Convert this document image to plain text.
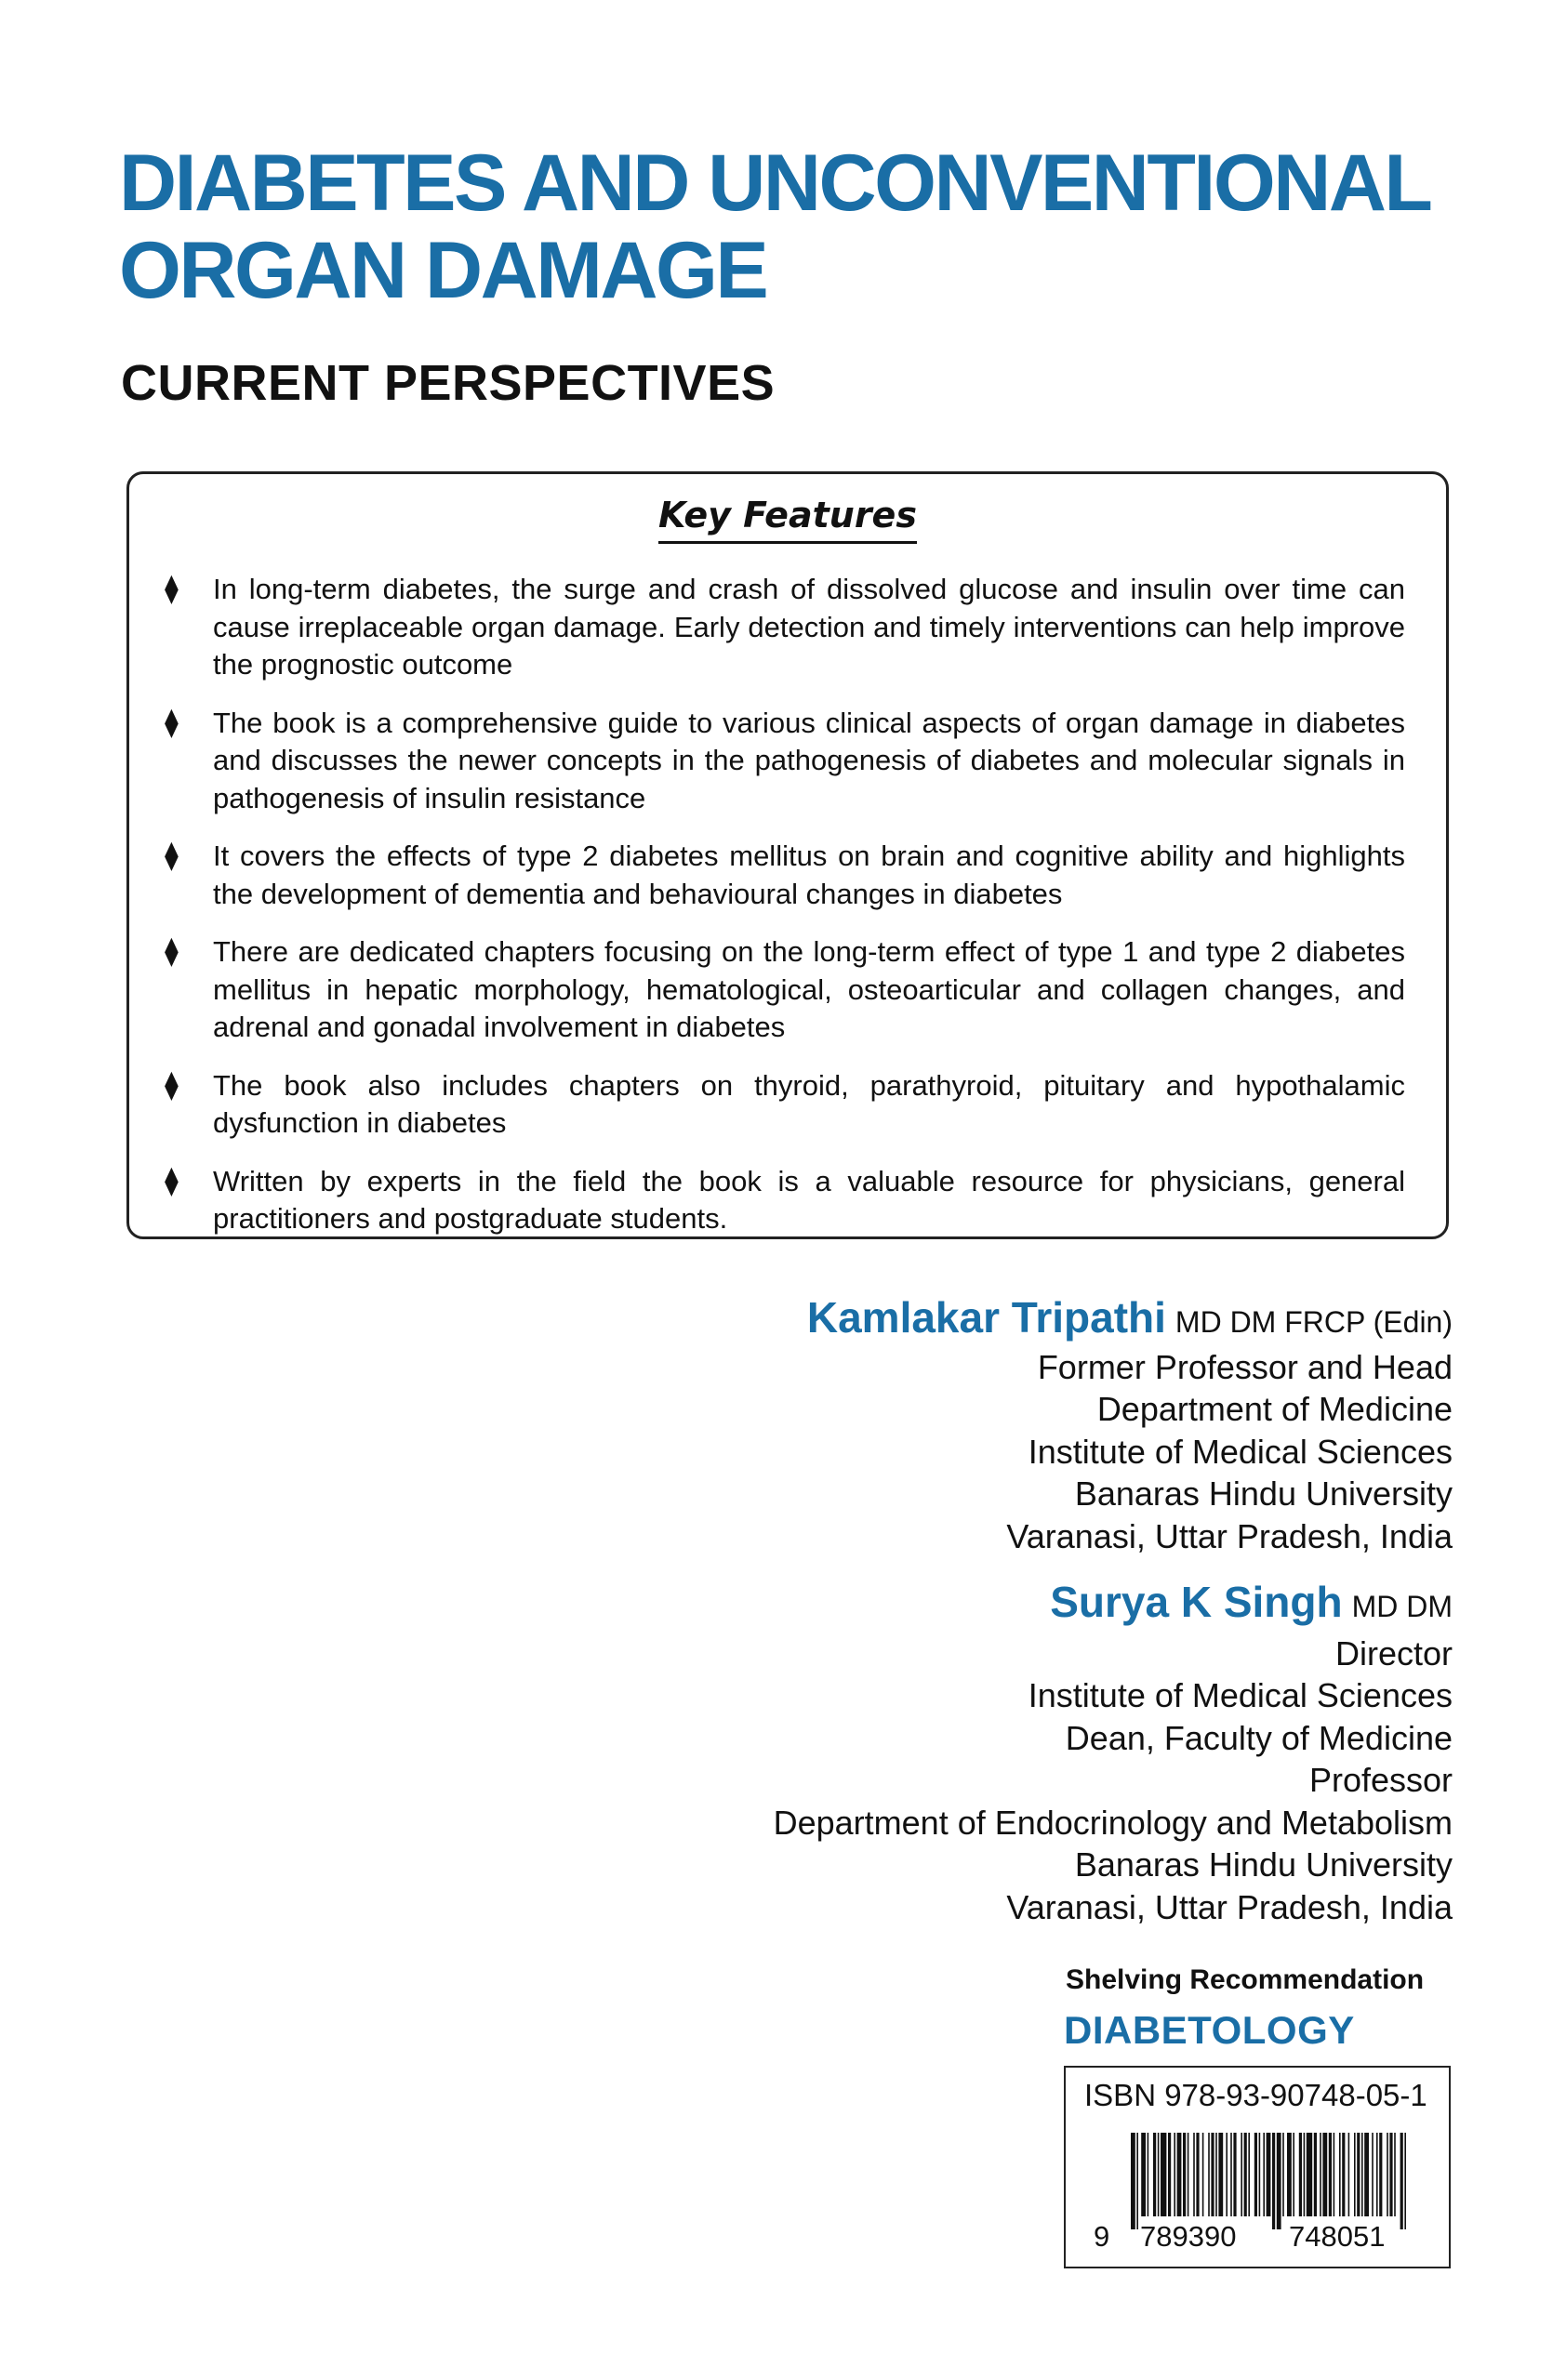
DIABETES AND UNCONVENTIONAL
ORGAN DAMAGE
CURRENT PERSPECTIVES
Key Features
⧫	In long-term diabetes, the surge and crash of dissolved glucose and insulin over time can cause irreplaceable organ damage. Early detection and timely interventions can help improve the prognostic outcome
⧫	The book is a comprehensive guide to various clinical aspects of organ damage in diabetes and discusses the newer concepts in the pathogenesis of diabetes and molecular signals in pathogenesis of insulin resistance
⧫	It covers the effects of type 2 diabetes mellitus on brain and cognitive ability and highlights the development of dementia and behavioural changes in diabetes
⧫	There are dedicated chapters focusing on the long-term effect of type 1 and type 2 diabetes mellitus in hepatic morphology, hematological, osteoarticular and collagen changes, and adrenal and gonadal involvement in diabetes
⧫	The book also includes chapters on thyroid, parathyroid, pituitary and hypothalamic dysfunction in diabetes
⧫	Written by experts in the field the book is a valuable resource for physicians, general practitioners and postgraduate students.
Kamlakar Tripathi MD DM FRCP (Edin)
Former Professor and Head
Department of Medicine
Institute of Medical Sciences
Banaras Hindu University
Varanasi, Uttar Pradesh, India
Surya K Singh MD DM
Director
Institute of Medical Sciences
Dean, Faculty of Medicine
Professor
Department of Endocrinology and Metabolism
Banaras Hindu University
Varanasi, Uttar Pradesh, India
Shelving Recommendation
DIABETOLOGY
ISBN 978-93-90748-05-1
9 789390 748051
